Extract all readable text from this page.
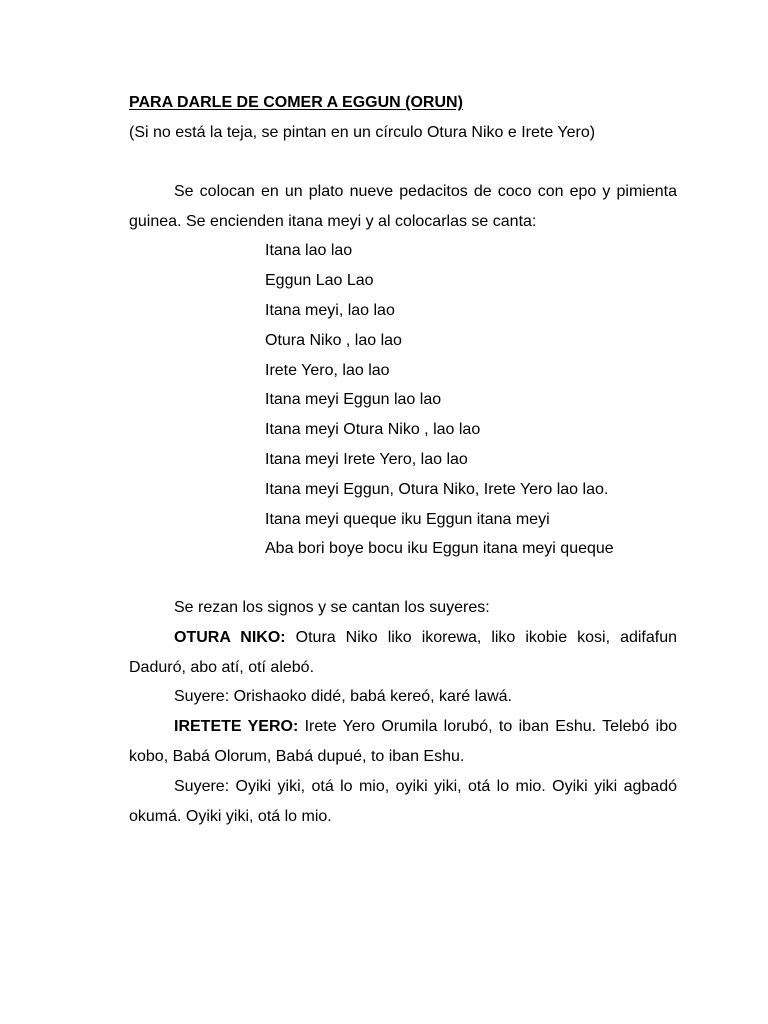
PARA DARLE DE COMER A EGGUN (ORUN)

(Si no está la teja, se pintan en un círculo Otura Niko e Irete Yero)

Se colocan en un plato nueve pedacitos de coco con epo y pimienta guinea. Se encienden itana meyi y al colocarlas se canta:

Itana lao lao
Eggun Lao Lao
Itana meyi, lao lao
Otura Niko , lao lao
Irete Yero, lao lao
Itana meyi Eggun lao lao
Itana meyi Otura Niko , lao lao
Itana meyi Irete Yero, lao lao
Itana meyi Eggun, Otura Niko, Irete Yero lao lao.
Itana meyi queque iku Eggun itana meyi
Aba bori boye bocu iku Eggun itana meyi queque

Se rezan los signos y se cantan los suyeres:

OTURA NIKO: Otura Niko liko ikorewa, liko ikobie kosi, adifafun Daduró, abo atí, otí alebó.

Suyere: Orishaoko didé, babá kereó, karé lawá.

IRETETE YERO: Irete Yero Orumila lorubó, to iban Eshu. Telebó ibo kobo, Babá Olorum, Babá dupué, to iban Eshu.

Suyere: Oyiki yiki, otá lo mio, oyiki yiki, otá lo mio. Oyiki yiki agbadó okumá. Oyiki yiki, otá lo mio.
